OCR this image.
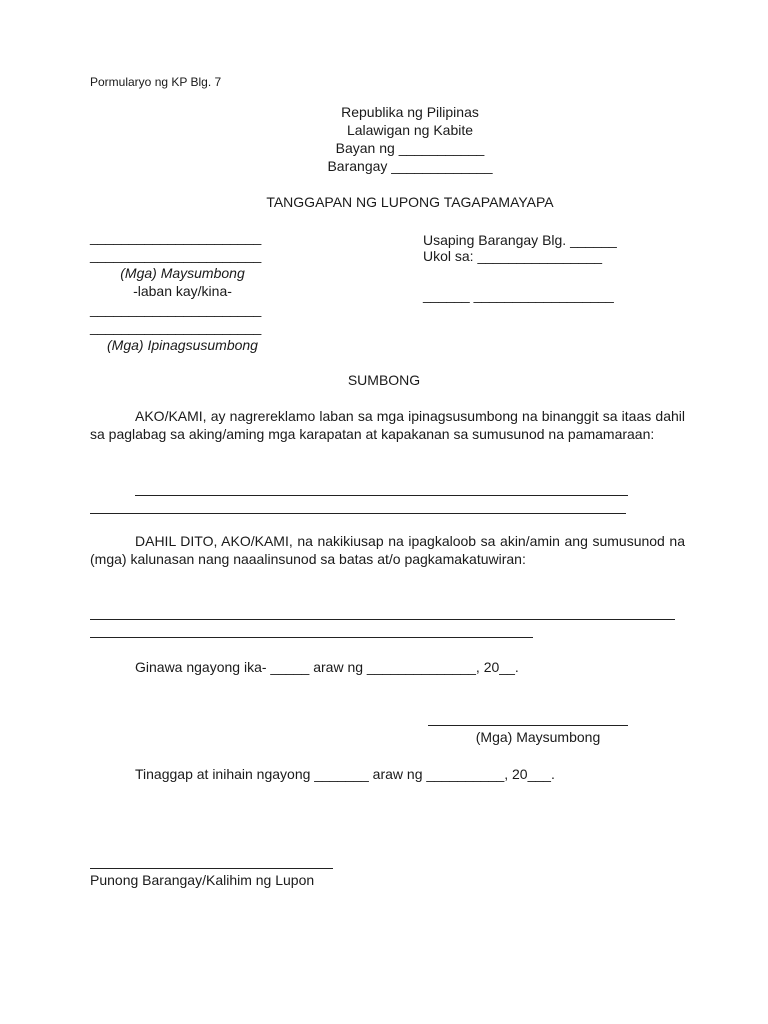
Pormularyo ng KP Blg. 7
Republika ng Pilipinas
Lalawigan ng Kabite
Bayan ng ___________
Barangay _____________
TANGGAPAN NG LUPONG TAGAPAMAYAPA
______________________
______________________
(Mga) Maysumbong
-laban kay/kina-
______________________
______________________
(Mga) Ipinagsusumbong
Usaping Barangay Blg. ______
Ukol sa: ________________
______ __________________
SUMBONG
AKO/KAMI, ay nagrereklamo laban sa mga ipinagsusumbong na binanggit sa itaas dahil sa paglabag sa aking/aming mga karapatan at kapakanan sa sumusunod na pamamaraan:
DAHIL DITO, AKO/KAMI, na nakikiusap na ipagkaloob sa akin/amin ang sumusunod na (mga) kalunasan nang naaalinsunod sa batas at/o pagkamakatuwiran:
Ginawa ngayong ika- _____ araw ng ______________, 20__.
(Mga) Maysumbong
Tinaggap at inihain ngayong _______ araw ng __________, 20___.
Punong Barangay/Kalihim ng Lupon
